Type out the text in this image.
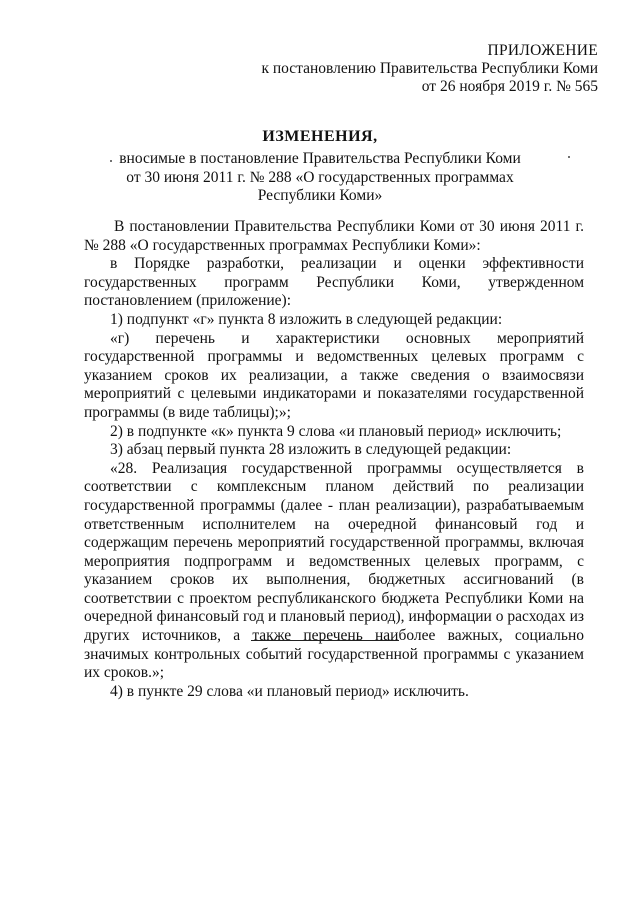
ПРИЛОЖЕНИЕ
к постановлению Правительства Республики Коми
от 26 ноября 2019 г. № 565
ИЗМЕНЕНИЯ,
вносимые в постановление Правительства Республики Коми
от 30 июня 2011 г. № 288 «О государственных программах
Республики Коми»

В постановлении Правительства Республики Коми от 30 июня 2011 г. № 288 «О государственных программах Республики Коми»:

в Порядке разработки, реализации и оценки эффективности государственных программ Республики Коми, утвержденном постановлением (приложение):

1) подпункт «г» пункта 8 изложить в следующей редакции:

«г) перечень и характеристики основных мероприятий государственной программы и ведомственных целевых программ с указанием сроков их реализации, а также сведения о взаимосвязи мероприятий с целевыми индикаторами и показателями государственной программы (в виде таблицы);»;

2) в подпункте «к» пункта 9 слова «и плановый период» исключить;

3) абзац первый пункта 28 изложить в следующей редакции:

«28. Реализация государственной программы осуществляется в соответствии с комплексным планом действий по реализации государственной программы (далее - план реализации), разрабатываемым ответственным исполнителем на очередной финансовый год и содержащим перечень мероприятий государственной программы, включая мероприятия подпрограмм и ведомственных целевых программ, с указанием сроков их выполнения, бюджетных ассигнований (в соответствии с проектом республиканского бюджета Республики Коми на очередной финансовый год и плановый период), информации о расходах из других источников, а также перечень наиболее важных, социально значимых контрольных событий государственной программы с указанием их сроков.»;

4) в пункте 29 слова «и плановый период» исключить.
